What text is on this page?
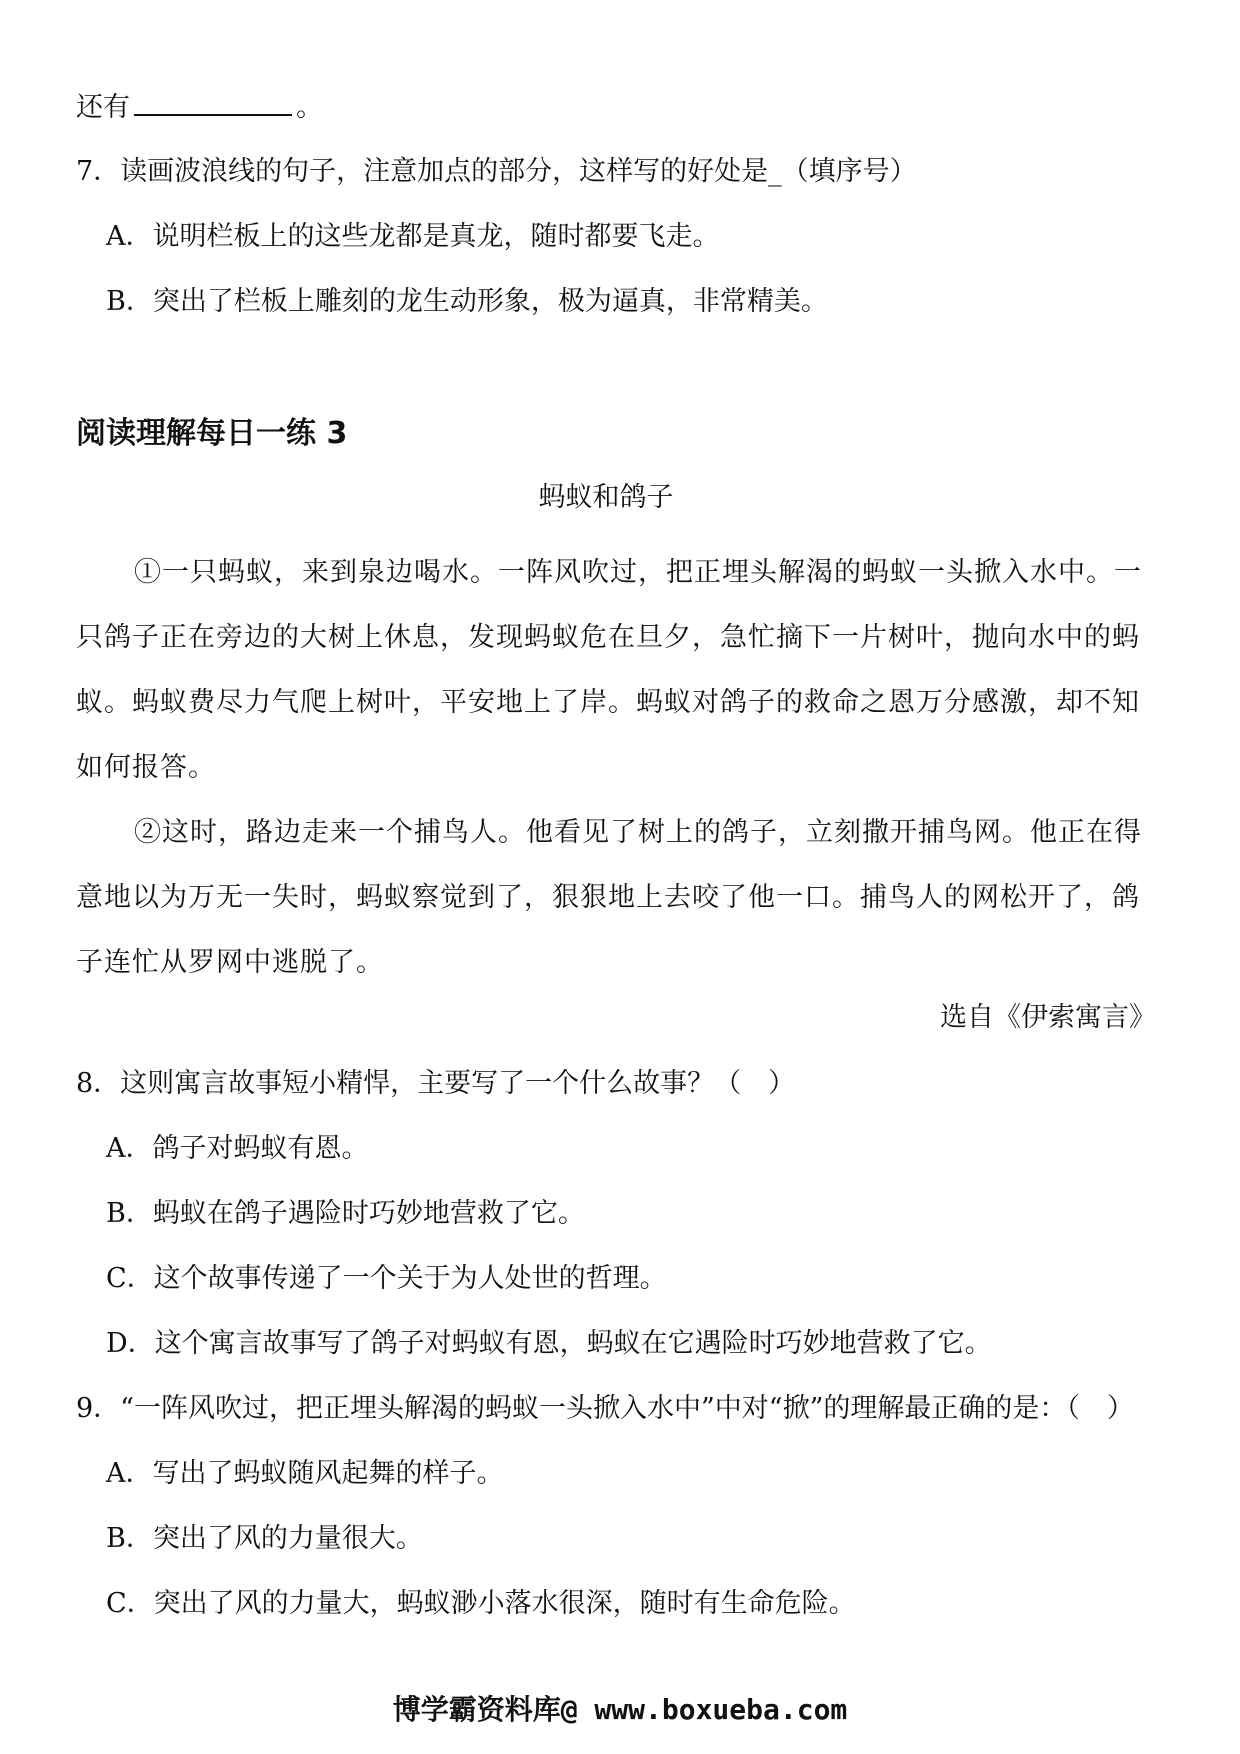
还有	。
7．读画波浪线的句子，注意加点的部分，这样写的好处是_（填序号）
A．说明栏板上的这些龙都是真龙，随时都要飞走。
B．突出了栏板上雕刻的龙生动形象，极为逼真，非常精美。
阅读理解每日一练 3
蚂蚁和鸽子
①一只蚂蚁，来到泉边喝水。一阵风吹过，把正埋头解渴的蚂蚁一头掀入水中。一只鸽子正在旁边的大树上休息，发现蚂蚁危在旦夕，急忙摘下一片树叶，抛向水中的蚂蚁。蚂蚁费尽力气爬上树叶，平安地上了岸。蚂蚁对鸽子的救命之恩万分感激，却不知如何报答。
②这时，路边走来一个捕鸟人。他看见了树上的鸽子，立刻撒开捕鸟网。他正在得意地以为万无一失时，蚂蚁察觉到了，狠狠地上去咬了他一口。捕鸟人的网松开了，鸽子连忙从罗网中逃脱了。
选自《伊索寓言》
8．这则寓言故事短小精悍，主要写了一个什么故事？（　）
A．鸽子对蚂蚁有恩。
B．蚂蚁在鸽子遇险时巧妙地营救了它。
C．这个故事传递了一个关于为人处世的哲理。
D．这个寓言故事写了鸽子对蚂蚁有恩，蚂蚁在它遇险时巧妙地营救了它。
9．“一阵风吹过，把正埋头解渴的蚂蚁一头掀入水中”中对“掀”的理解最正确的是：（　）
A．写出了蚂蚁随风起舞的样子。
B．突出了风的力量很大。
C．突出了风的力量大，蚂蚁渺小落水很深，随时有生命危险。
博学霸资料库@ www.boxueba.com
